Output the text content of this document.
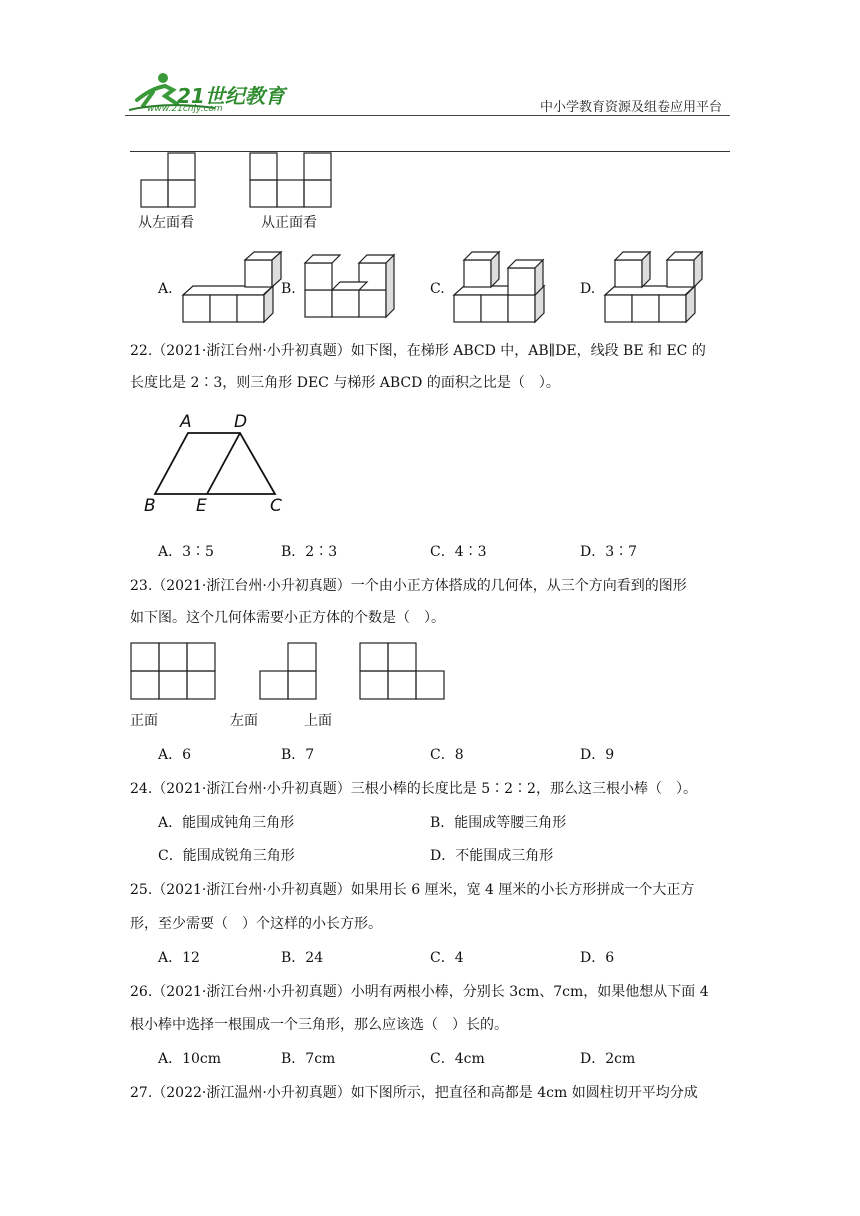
21世纪教育
www.21cnjy.com	中小学教育资源及组卷应用平台
从左面看	从正面看
A.	B.	C.	D.
22.（2021·浙江台州·小升初真题）如下图，在梯形 ABCD 中，AB∥DE，线段 BE 和 EC 的
长度比是 2∶3，则三角形 DEC 与梯形 ABCD 的面积之比是（　）。
A D
B E	C
A．3∶5	B．2∶3	C．4∶3	D．3∶7
23.（2021·浙江台州·小升初真题）一个由小正方体搭成的几何体，从三个方向看到的图形
如下图。这个几何体需要小正方体的个数是（　）。
正面	左面	上面
A．6	B．7	C．8	D．9
24.（2021·浙江台州·小升初真题）三根小棒的长度比是 5∶2∶2，那么这三根小棒（　）。
A．能围成钝角三角形	B．能围成等腰三角形
C．能围成锐角三角形	D．不能围成三角形
25.（2021·浙江台州·小升初真题）如果用长 6 厘米，宽 4 厘米的小长方形拼成一个大正方
形，至少需要（　）个这样的小长方形。
A．12	B．24	C．4	D．6
26.（2021·浙江台州·小升初真题）小明有两根小棒，分别长 3cm、7cm，如果他想从下面 4
根小棒中选择一根围成一个三角形，那么应该选（　）长的。
A．10cm	B．7cm	C．4cm	D．2cm
27.（2022·浙江温州·小升初真题）如下图所示，把直径和高都是 4cm 如圆柱切开平均分成
